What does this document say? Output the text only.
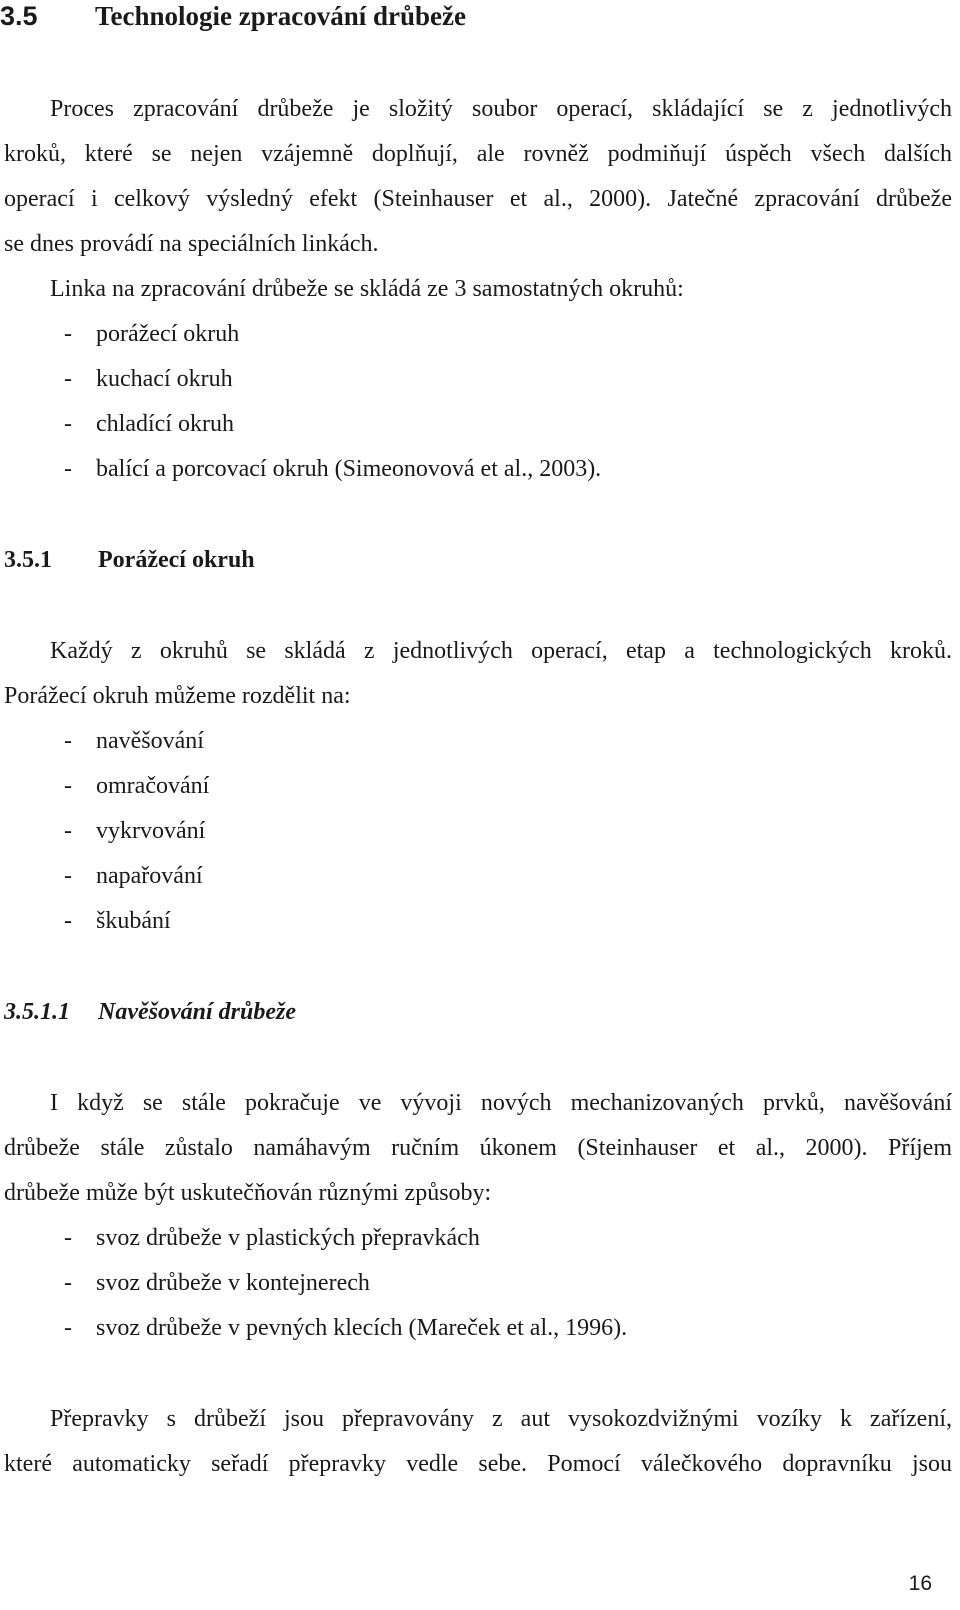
3.5 Technologie zpracování drůbeže
Proces zpracování drůbeže je složitý soubor operací, skládající se z jednotlivých
kroků, které se nejen vzájemně doplňují, ale rovněž podmiňují úspěch všech dalších
operací i celkový výsledný efekt (Steinhauser et al., 2000). Jatečné zpracování drůbeže
se dnes provádí na speciálních linkách.
Linka na zpracování drůbeže se skládá ze 3 samostatných okruhů:
- porážecí okruh
- kuchací okruh
- chladící okruh
- balící a porcovací okruh (Simeonovová et al., 2003).
3.5.1 Porážecí okruh
Každý z okruhů se skládá z jednotlivých operací, etap a technologických kroků.
Porážecí okruh můžeme rozdělit na:
- navěšování
- omračování
- vykrvování
- napařování
- škubání
3.5.1.1 Navěšování drůbeže
I když se stále pokračuje ve vývoji nových mechanizovaných prvků, navěšování
drůbeže stále zůstalo namáhavým ručním úkonem (Steinhauser et al., 2000). Příjem
drůbeže může být uskutečňován různými způsoby:
- svoz drůbeže v plastických přepravkách
- svoz drůbeže v kontejnerech
- svoz drůbeže v pevných klecích (Mareček et al., 1996).
Přepravky s drůbeží jsou přepravovány z aut vysokozdvižnými vozíky k zařízení,
které automaticky seřadí přepravky vedle sebe. Pomocí válečkového dopravníku jsou
16
